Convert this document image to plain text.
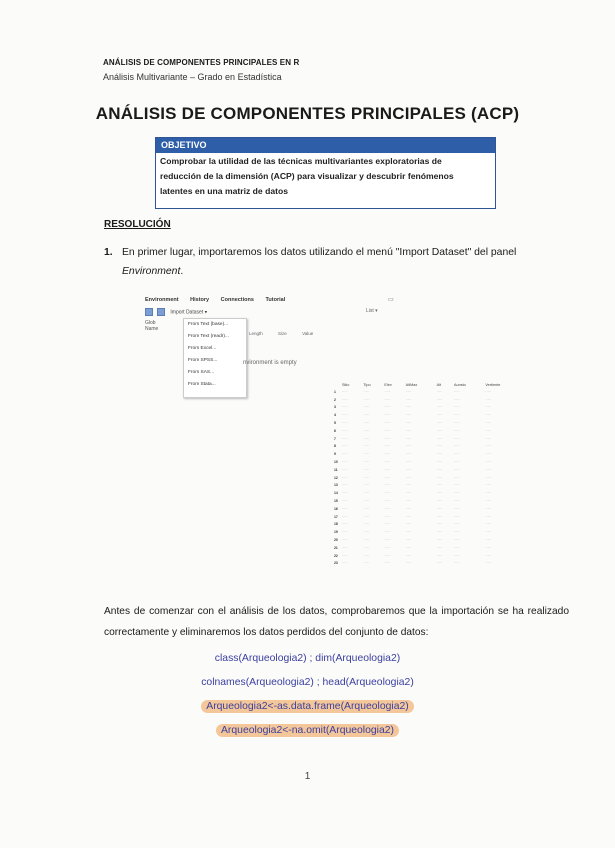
ANÁLISIS DE COMPONENTES PRINCIPALES EN R
Análisis Multivariante – Grado en Estadística
ANÁLISIS DE COMPONENTES PRINCIPALES (ACP)
OBJETIVO
Comprobar la utilidad de las técnicas multivariantes exploratorias de
reducción de la dimensión (ACP) para visualizar y descubrir fenómenos
latentes en una matriz de datos
RESOLUCIÓN
1. En primer lugar, importaremos los datos utilizando el menú "Import Dataset" del panel
Environment.
Environment History Connections Tutorial
Import Dataset ▾
Glob
Name
Length	Size	Value
▭
List ▾
From Text (base)...
From Text (readr)...
From Excel...
From SPSS...
From SAS...
From Stata...
nvironment is empty
	Sitio	Tipo	Elev	AltMax	Alt	Aunsto	Vertiente
1	·····	·····	·····	·····	·····	·····	·····
2	·····	·····	·····	·····	·····	·····	·····
3	·····	·····	·····	·····	·····	·····	·····
4	·····	·····	·····	·····	·····	·····	·····
5	·····	·····	·····	·····	·····	·····	·····
6	·····	·····	·····	·····	·····	·····	·····
7	·····	·····	·····	·····	·····	·····	·····
8	·····	·····	·····	·····	·····	·····	·····
9	·····	·····	·····	·····	·····	·····	·····
10	·····	·····	·····	·····	·····	·····	·····
11	·····	·····	·····	·····	·····	·····	·····
12	·····	·····	·····	·····	·····	·····	·····
13	·····	·····	·····	·····	·····	·····	·····
14	·····	·····	·····	·····	·····	·····	·····
15	·····	·····	·····	·····	·····	·····	·····
16	·····	·····	·····	·····	·····	·····	·····
17	·····	·····	·····	·····	·····	·····	·····
18	·····	·····	·····	·····	·····	·····	·····
19	·····	·····	·····	·····	·····	·····	·····
20	·····	·····	·····	·····	·····	·····	·····
21	·····	·····	·····	·····	·····	·····	·····
22	·····	·····	·····	·····	·····	·····	·····
23	·····	·····	·····	·····	·····	·····	·····
Antes de comenzar con el análisis de los datos, comprobaremos que la importación se ha realizado correctamente y eliminaremos los datos perdidos del conjunto de datos:
class(Arqueologia2) ; dim(Arqueologia2)
colnames(Arqueologia2) ; head(Arqueologia2)
Arqueologia2<-as.data.frame(Arqueologia2)
Arqueologia2<-na.omit(Arqueologia2)
1
